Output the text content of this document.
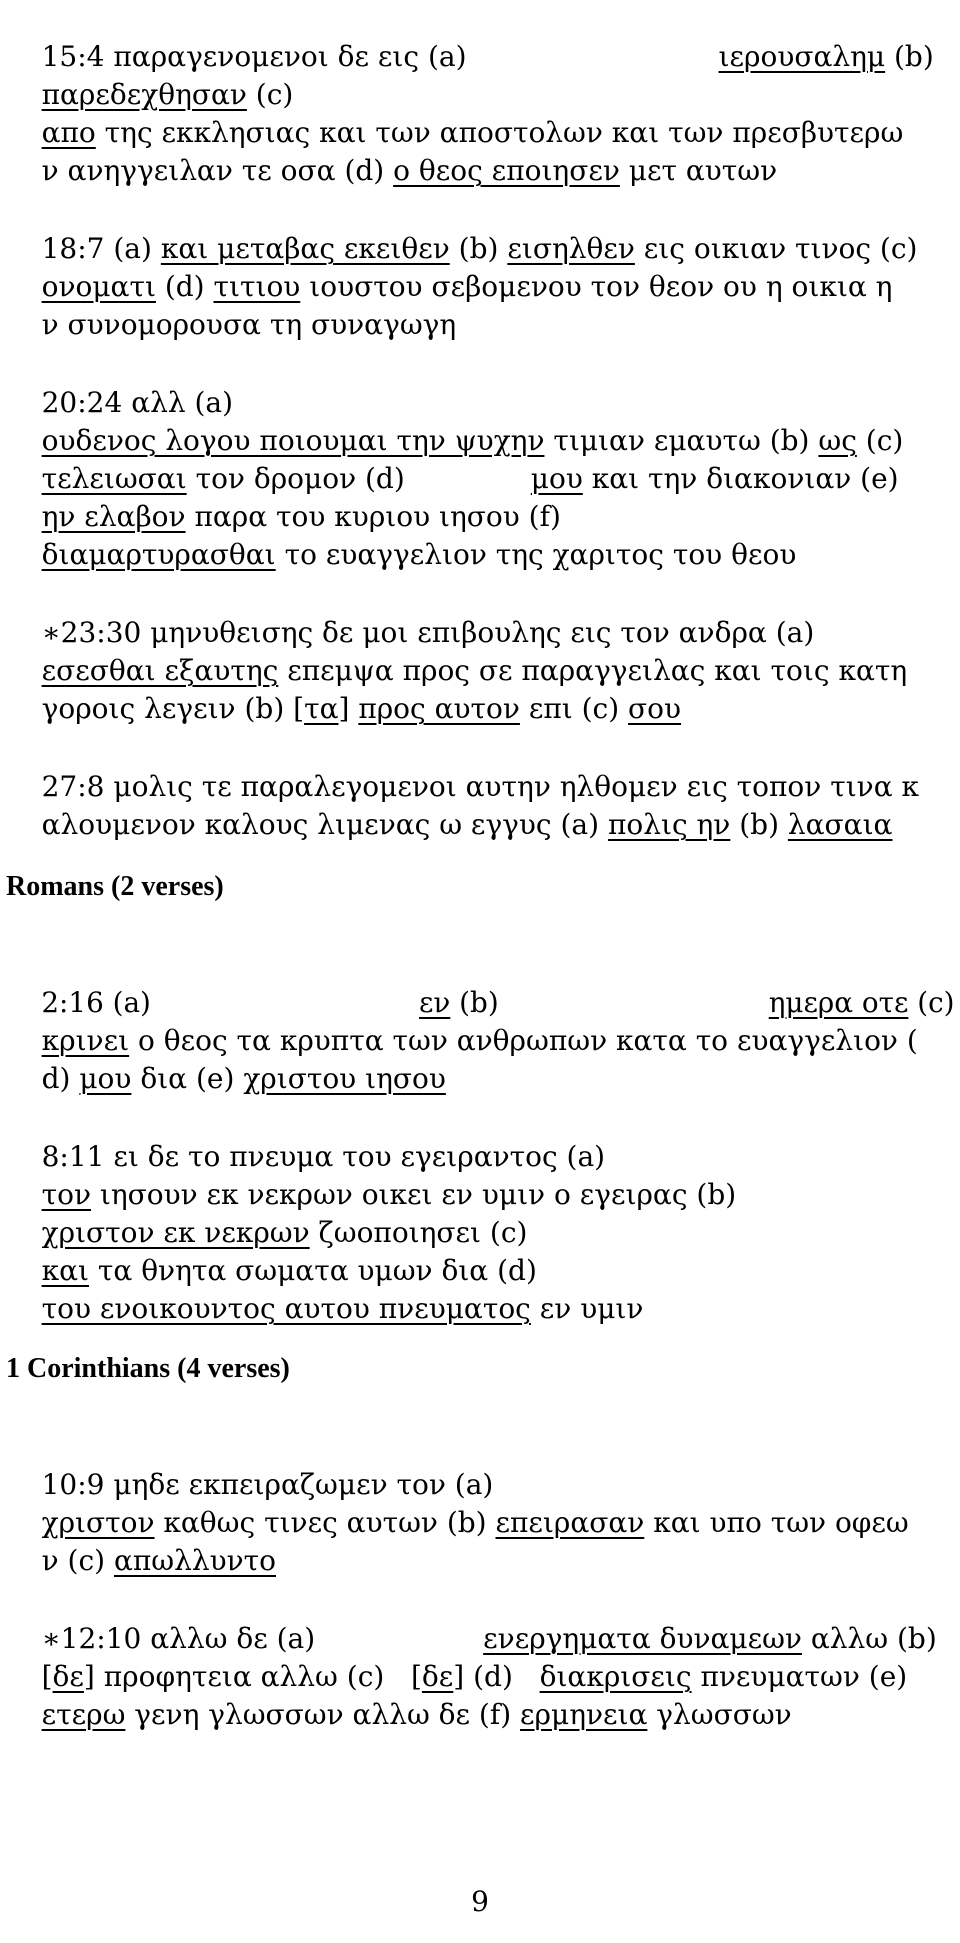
15:4 παραγενομενοι δε εις (a)	ιερουσαλημ (b)

παρεδεχθησαν (c)

απο της εκκλησιας και των αποστολων και των πρεσβυτερω

ν ανηγγειλαν τε οσα (d) ο θεος εποιησεν μετ αυτων

18:7 (a) και μεταβας εκειθεν (b) εισηλθεν εις οικιαν τινος (c)

ονοματι (d) τιτιου ιουστου σεβομενου τον θεον ου η οικια η

ν συνομορουσα τη συναγωγη

20:24 αλλ (a)

ουδενος λογου ποιουμαι την ψυχην τιμιαν εμαυτω (b) ως (c)

τελειωσαι τον δρομον (d)	μου και την διακονιαν (e)

ην ελαβον παρα του κυριου ιησου (f)

διαμαρτυρασθαι το ευαγγελιον της χαριτος του θεου

∗23:30 μηνυθεισης δε μοι επιβουλης εις τον ανδρα (a)

εσεσθαι εξαυτης επεμψα προς σε παραγγειλας και τοις κατη

γοροις λεγειν (b) [τα] προς αυτον επι (c) σου

27:8 μολις τε παραλεγομενοι αυτην ηλθομεν εις τοπον τινα κ

αλουμενον καλους λιμενας ω εγγυς (a) πολις ην (b) λασαια

Romans (2 verses)

2:16 (a)	εν (b)	ημερα οτε (c)

κρινει ο θεος τα κρυπτα των ανθρωπων κατα το ευαγγελιον (

d) μου δια (e) χριστου ιησου

8:11 ει δε το πνευμα του εγειραντος (a)

τον ιησουν εκ νεκρων οικει εν υμιν ο εγειρας (b)

χριστον εκ νεκρων ζωοποιησει (c)

και τα θνητα σωματα υμων δια (d)

του ενοικουντος αυτου πνευματος εν υμιν

1 Corinthians (4 verses)

10:9 μηδε εκπειραζωμεν τον (a)

χριστον καθως τινες αυτων (b) επειρασαν και υπο των οφεω

ν (c) απωλλυντο

∗12:10 αλλω δε (a)	ενεργηματα δυναμεων αλλω (b)

[δε] προφητεια αλλω (c)   [δε] (d)   διακρισεις πνευματων (e)

ετερω γενη γλωσσων αλλω δε (f) ερμηνεια γλωσσων

9
